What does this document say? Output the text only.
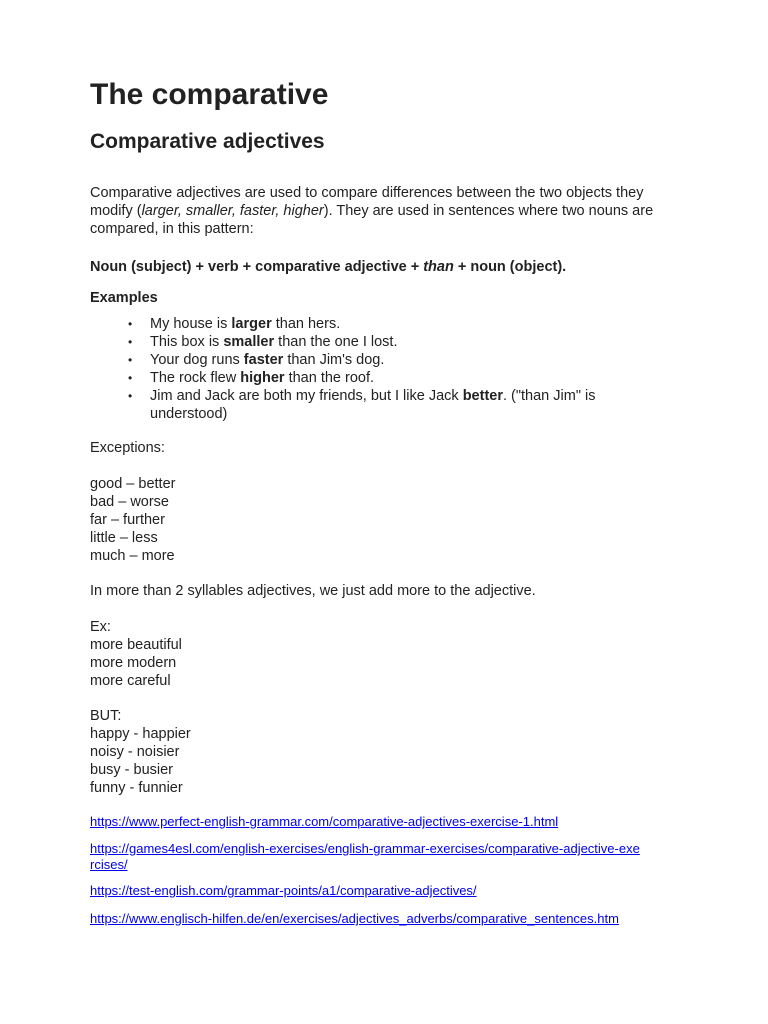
The comparative
Comparative adjectives

Comparative adjectives are used to compare differences between the two objects they modify (larger, smaller, faster, higher). They are used in sentences where two nouns are compared, in this pattern:

Noun (subject) + verb + comparative adjective + than + noun (object).

Examples

• My house is larger than hers.
• This box is smaller than the one I lost.
• Your dog runs faster than Jim's dog.
• The rock flew higher than the roof.
• Jim and Jack are both my friends, but I like Jack better. ("than Jim" is understood)

Exceptions:

good – better
bad – worse
far – further
little – less
much – more

In more than 2 syllables adjectives, we just add more to the adjective.

Ex:
more beautiful
more modern
more careful
BUT:
happy - happier
noisy - noisier
busy - busier
funny - funnier
https://www.perfect-english-grammar.com/comparative-adjectives-exercise-1.html
https://games4esl.com/english-exercises/english-grammar-exercises/comparative-adjective-exercises/
https://test-english.com/grammar-points/a1/comparative-adjectives/
https://www.englisch-hilfen.de/en/exercises/adjectives_adverbs/comparative_sentences.htm
